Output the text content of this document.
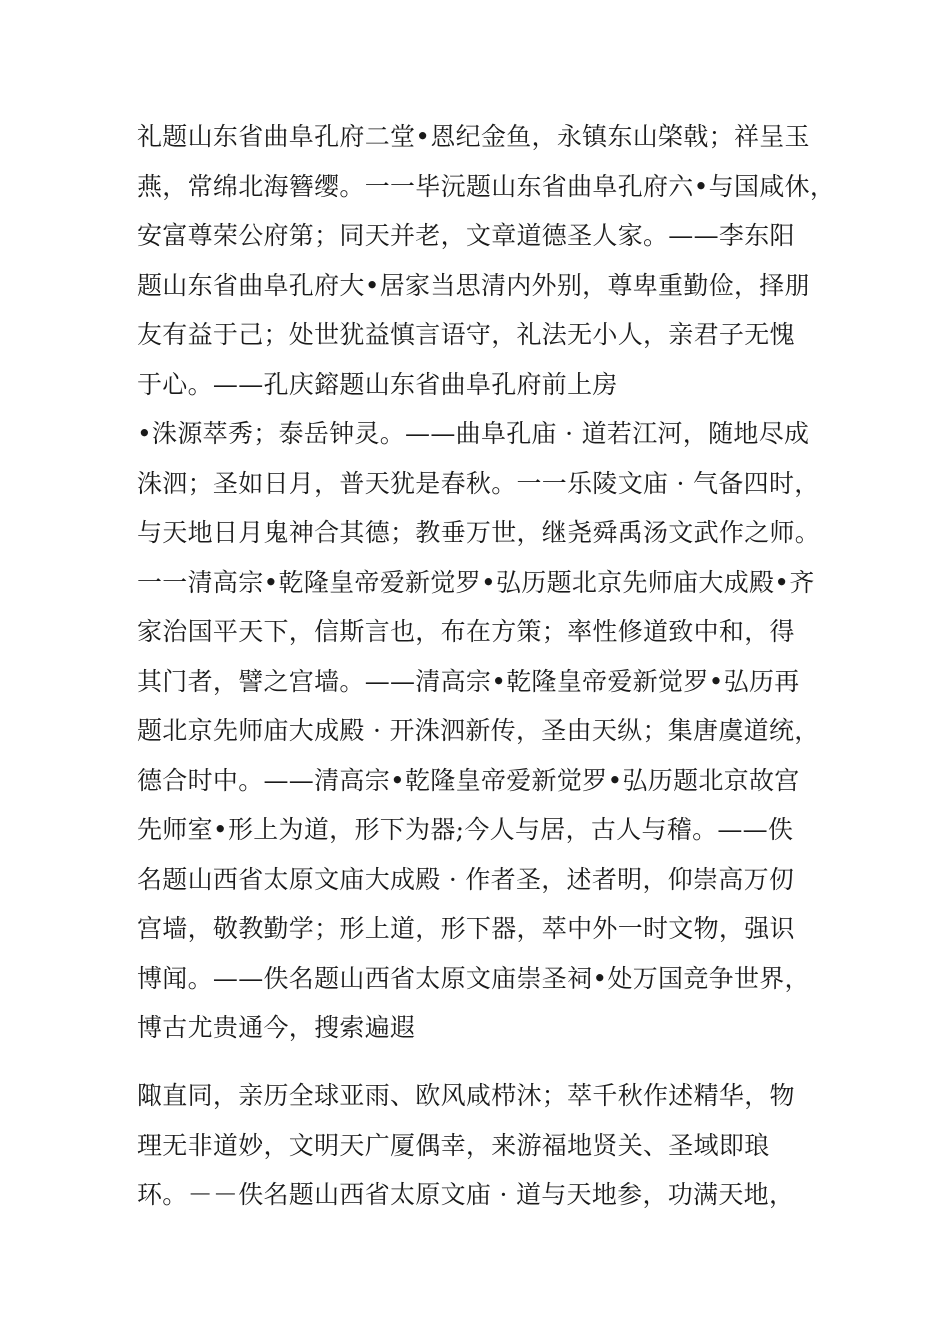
礼题山东省曲阜孔府二堂•恩纪金鱼，永镇东山棨戟；祥呈玉
燕，常绵北海簪缨。一一毕沅题山东省曲阜孔府六•与国咸休，
安富尊荣公府第；同天并老，文章道德圣人家。——李东阳
题山东省曲阜孔府大•居家当思清内外别，尊卑重勤俭，择朋
友有益于己；处世犹益慎言语守，礼法无小人，亲君子无愧
于心。——孔庆鎔题山东省曲阜孔府前上房
•洙源萃秀；泰岳钟灵。——曲阜孔庙 · 道若江河，随地尽成
洙泗；圣如日月，普天犹是春秋。一一乐陵文庙 · 气备四时，
与天地日月鬼神合其德；教垂万世，继尧舜禹汤文武作之师。
一一清高宗•乾隆皇帝爱新觉罗•弘历题北京先师庙大成殿•齐
家治国平天下，信斯言也，布在方策；率性修道致中和，得
其门者，譬之宫墙。——清高宗•乾隆皇帝爱新觉罗•弘历再
题北京先师庙大成殿 · 开洙泗新传，圣由天纵；集唐虞道统，
德合时中。——清高宗•乾隆皇帝爱新觉罗•弘历题北京故宫
先师室•形上为道，形下为器;今人与居，古人与稽。——佚
名题山西省太原文庙大成殿 · 作者圣，述者明，仰崇高万仞
宫墙，敬教勤学；形上道，形下器，萃中外一时文物，强识
博闻。——佚名题山西省太原文庙崇圣祠•处万国竞争世界，
博古尤贵通今，搜索遍遐
陬直同，亲历全球亚雨、欧风咸栉沐；萃千秋作述精华，物
理无非道妙，文明天广厦偶幸，来游福地贤关、圣域即琅
环。－－佚名题山西省太原文庙 · 道与天地参，功满天地，
